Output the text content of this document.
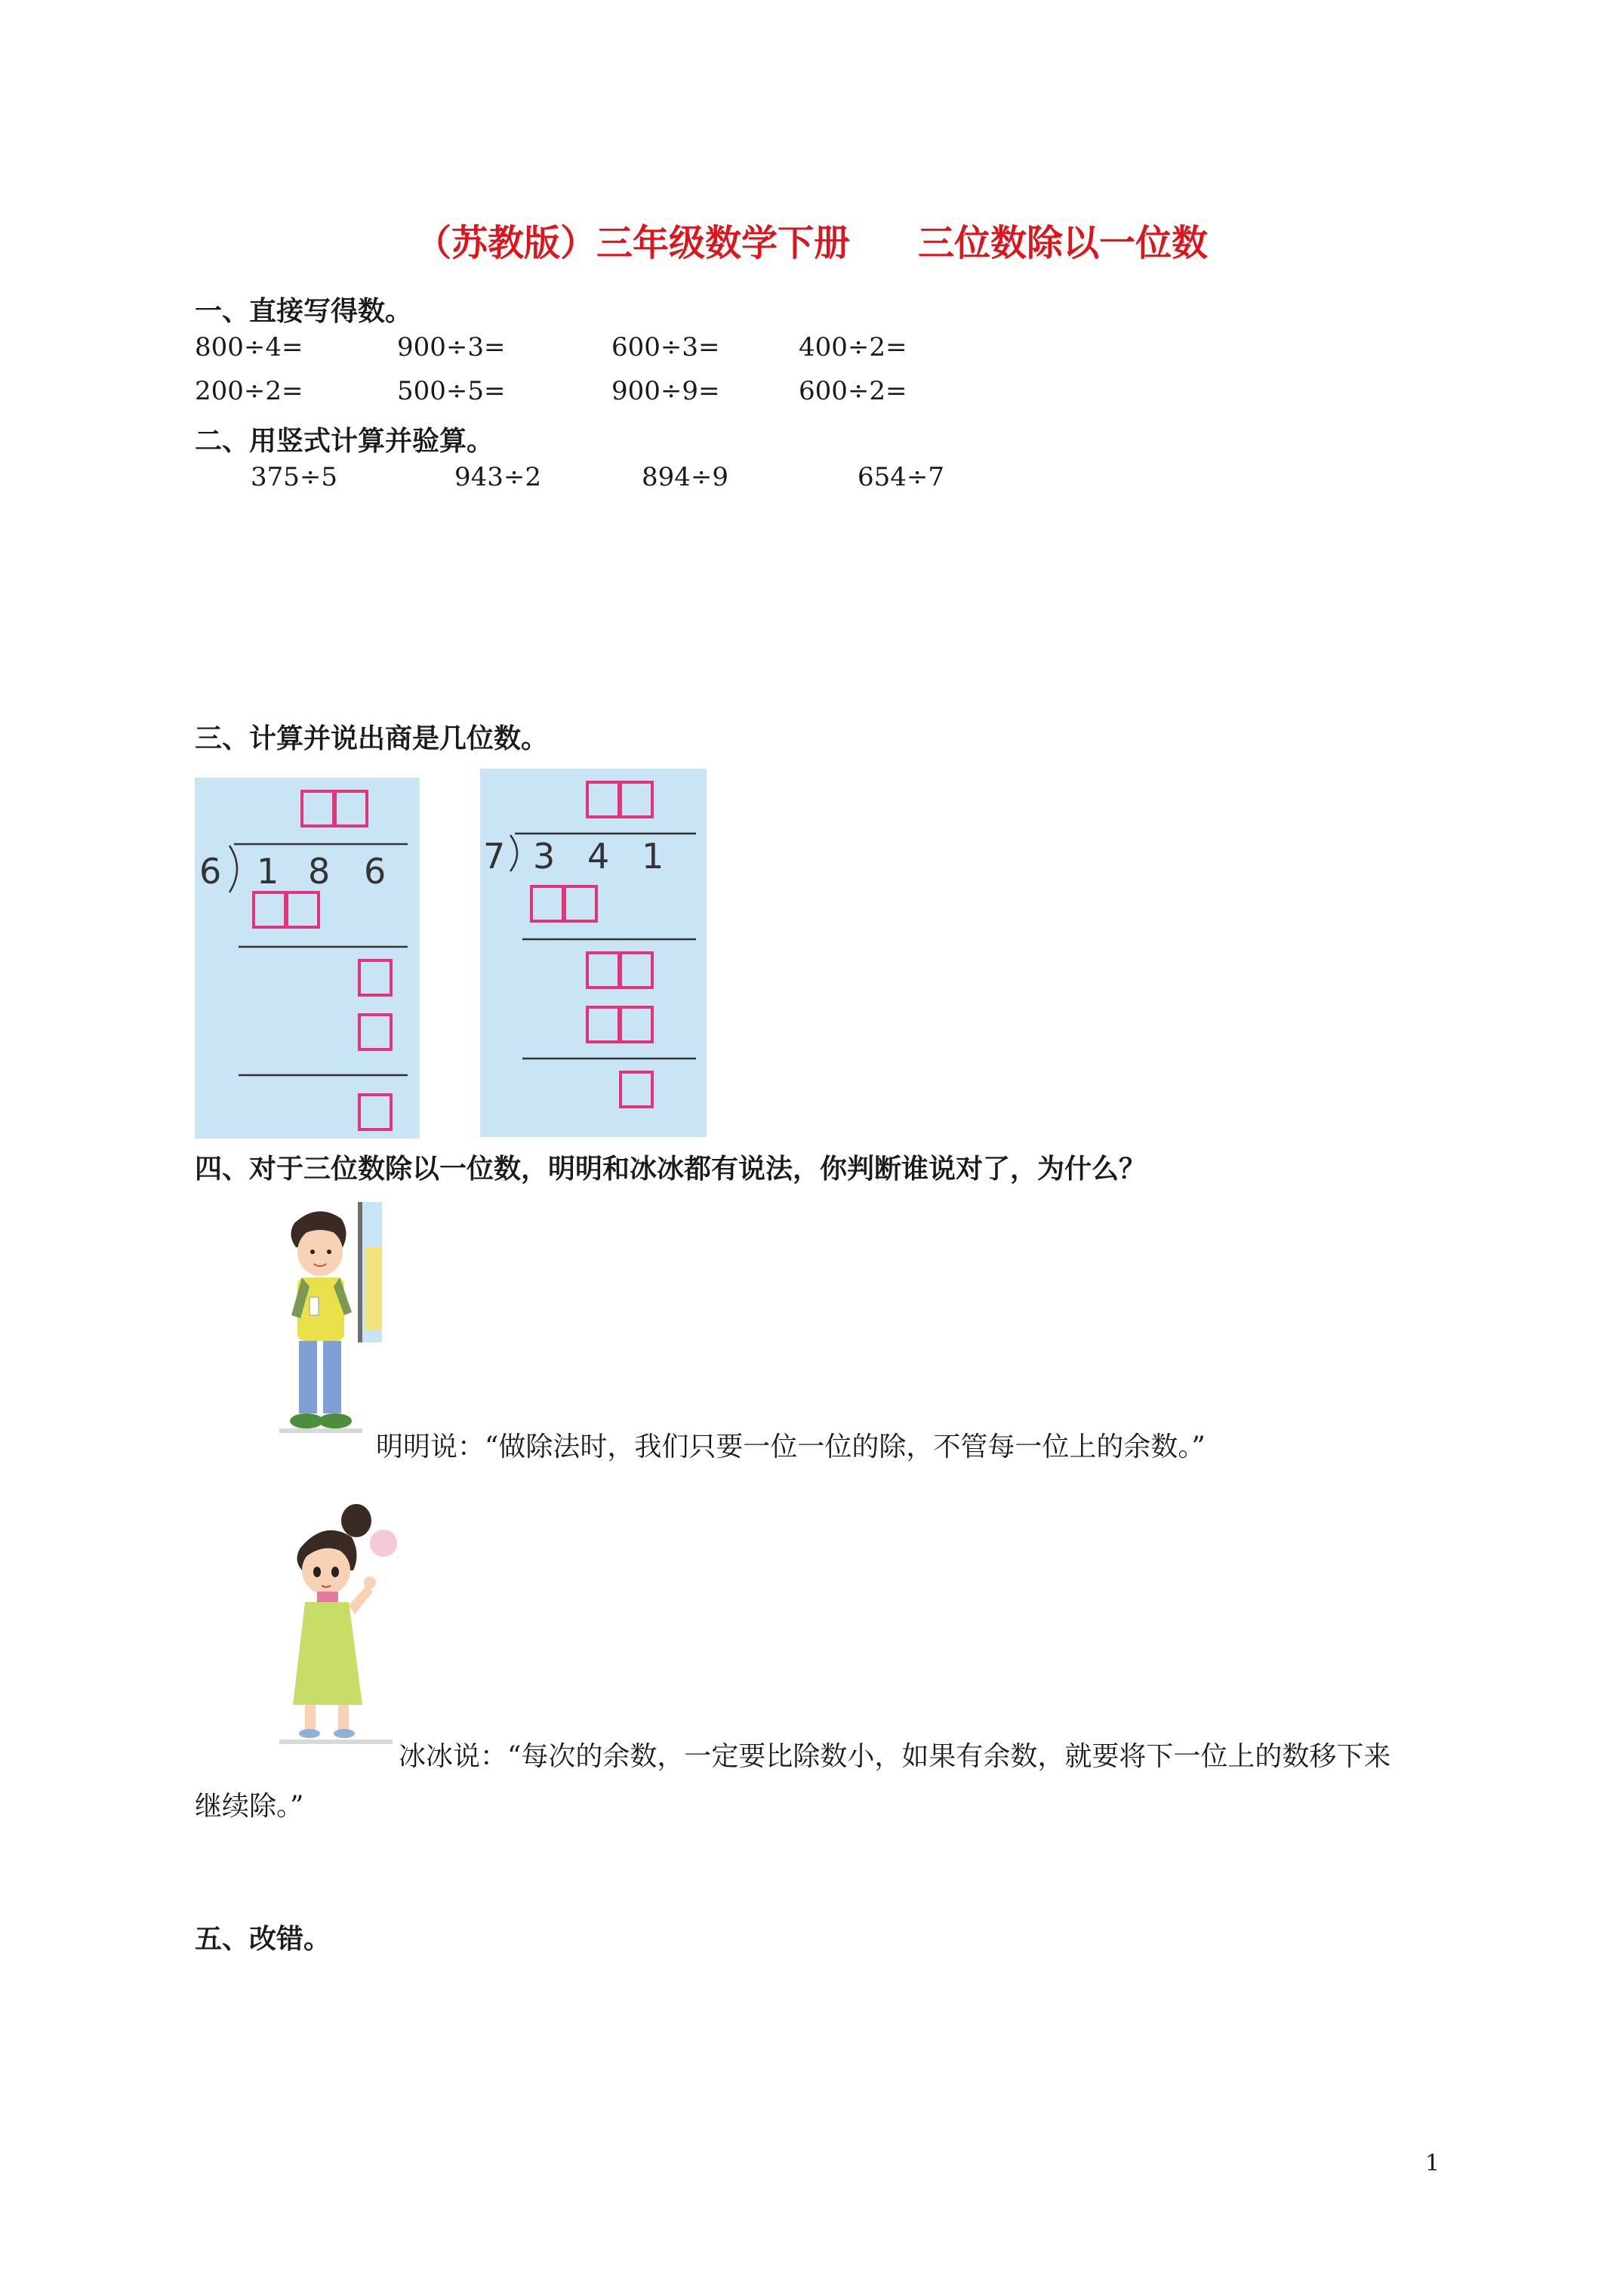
（苏教版）三年级数学下册 三位数除以一位数
一、直接写得数。
800÷4=	900÷3=	600÷3=	400÷2=
200÷2=	500÷5=	900÷9=	600÷2=
二、用竖式计算并验算。
375÷5	943÷2	894÷9	654÷7
三、计算并说出商是几位数。
6 1 8 6	7 3 4 1
四、对于三位数除以一位数，明明和冰冰都有说法，你判断谁说对了，为什么？
明明说：“做除法时，我们只要一位一位的除，不管每一位上的余数。”
冰冰说：“每次的余数，一定要比除数小，如果有余数，就要将下一位上的数移下来
继续除。”
五、改错。
1
